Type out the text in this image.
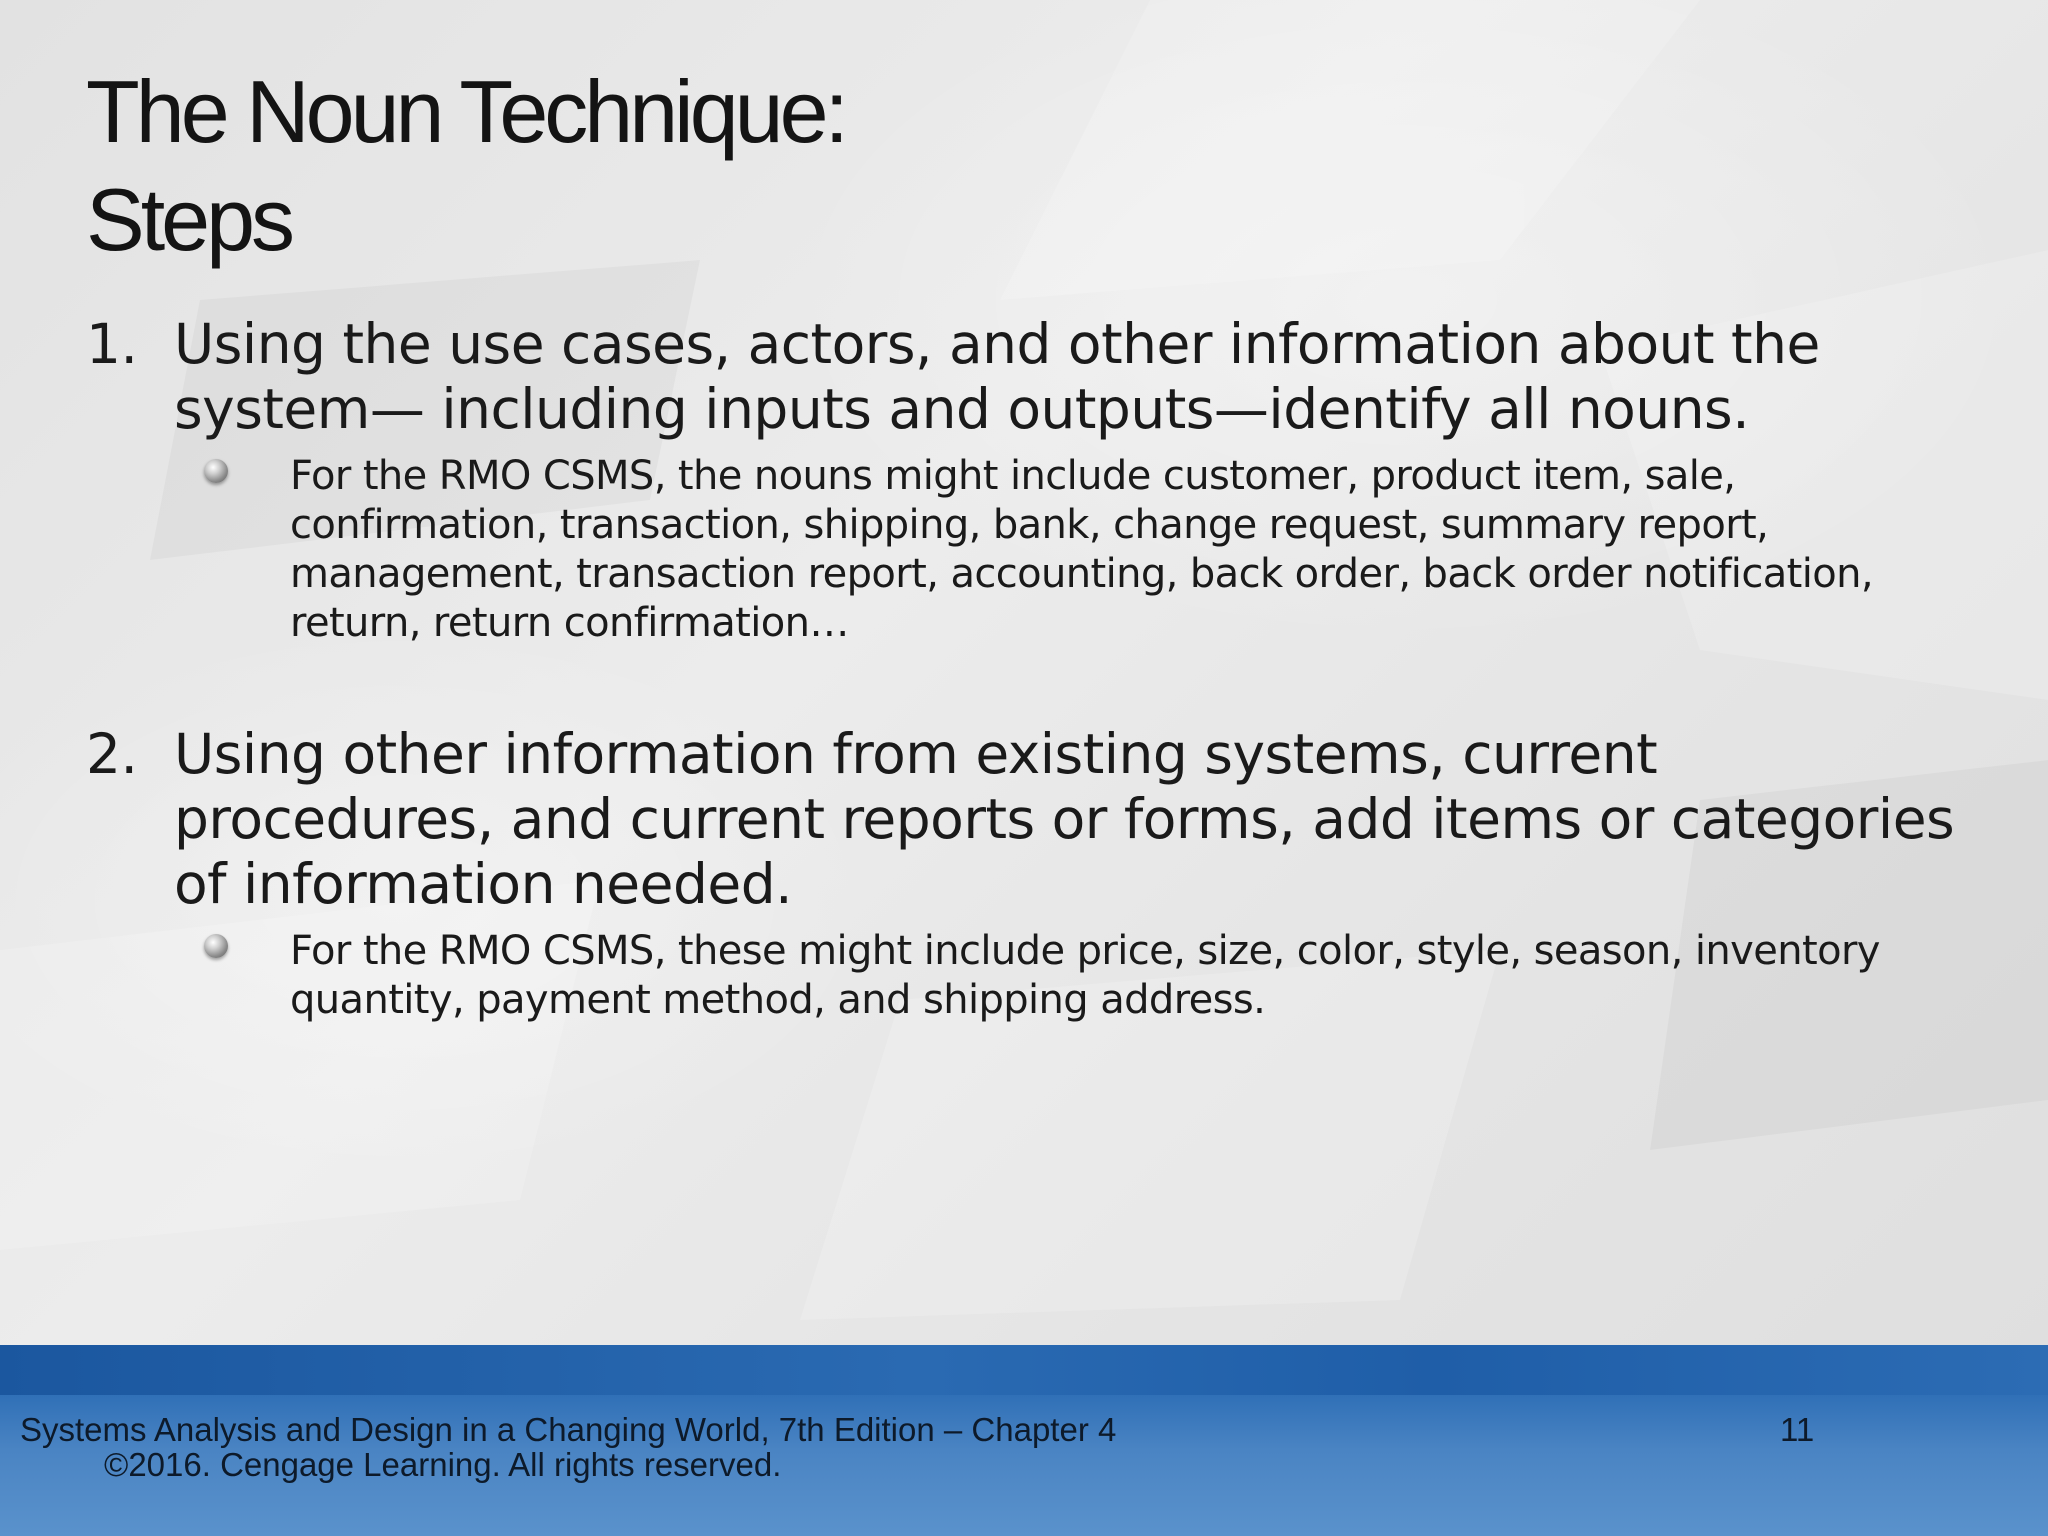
The Noun Technique:
Steps
1. Using the use cases, actors, and other information about the system— including inputs and outputs—identify all nouns.
For the RMO CSMS, the nouns might include customer, product item, sale, confirmation, transaction, shipping, bank, change request, summary report, management, transaction report, accounting, back order, back order notification, return, return confirmation…
2. Using other information from existing systems, current procedures, and current reports or forms, add items or categories of information needed.
For the RMO CSMS, these might include price, size, color, style, season, inventory quantity, payment method, and shipping address.
Systems Analysis and Design in a Changing World, 7th Edition – Chapter 4
©2016. Cengage Learning. All rights reserved.
11
